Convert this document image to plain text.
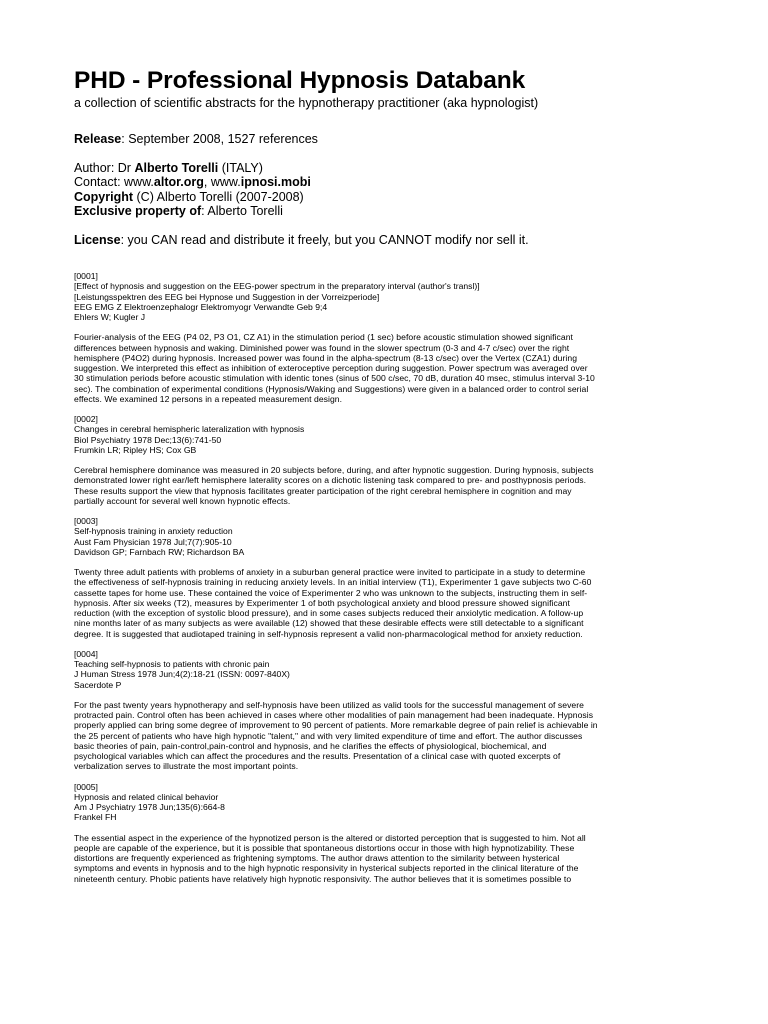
PHD - Professional Hypnosis Databank

a collection of scientific abstracts for the hypnotherapy practitioner (aka hypnologist)

Release: September 2008, 1527 references
Author: Dr Alberto Torelli (ITALY)
Contact: www.altor.org, www.ipnosi.mobi
Copyright (C) Alberto Torelli (2007-2008)
Exclusive property of: Alberto Torelli
License: you CAN read and distribute it freely, but you CANNOT modify nor sell it.
[0001]
[Effect of hypnosis and suggestion on the EEG-power spectrum in the preparatory interval (author's transl)]
[Leistungsspektren des EEG bei Hypnose und Suggestion in der Vorreizperiode]
EEG EMG Z Elektroenzephalogr Elektromyogr Verwandte Geb 9;4
Ehlers W; Kugler J
Fourier-analysis of the EEG (P4 02, P3 O1, CZ A1) in the stimulation period (1 sec) before acoustic stimulation showed significant
differences between hypnosis and waking. Diminished power was found in the slower spectrum (0-3 and 4-7 c/sec) over the right
hemisphere (P4O2) during hypnosis. Increased power was found in the alpha-spectrum (8-13 c/sec) over the Vertex (CZA1) during
suggestion. We interpreted this effect as inhibition of exteroceptive perception during suggestion. Power spectrum was averaged over
30 stimulation periods before acoustic stimulation with identic tones (sinus of 500 c/sec, 70 dB, duration 40 msec, stimulus interval 3-10
sec). The combination of experimental conditions (Hypnosis/Waking and Suggestions) were given in a balanced order to control serial
effects. We examined 12 persons in a repeated measurement design.
[0002]
Changes in cerebral hemispheric lateralization with hypnosis
Biol Psychiatry 1978 Dec;13(6):741-50
Frumkin LR; Ripley HS; Cox GB
Cerebral hemisphere dominance was measured in 20 subjects before, during, and after hypnotic suggestion. During hypnosis, subjects
demonstrated lower right ear/left hemisphere laterality scores on a dichotic listening task compared to pre- and posthypnosis periods.
These results support the view that hypnosis facilitates greater participation of the right cerebral hemisphere in cognition and may
partially account for several well known hypnotic effects.
[0003]
Self-hypnosis training in anxiety reduction
Aust Fam Physician 1978 Jul;7(7):905-10
Davidson GP; Farnbach RW; Richardson BA
Twenty three adult patients with problems of anxiety in a suburban general practice were invited to participate in a study to determine
the effectiveness of self-hypnosis training in reducing anxiety levels. In an initial interview (T1), Experimenter 1 gave subjects two C-60
cassette tapes for home use. These contained the voice of Experimenter 2 who was unknown to the subjects, instructing them in self-
hypnosis. After six weeks (T2), measures by Experimenter 1 of both psychological anxiety and blood pressure showed significant
reduction (with the exception of systolic blood pressure), and in some cases subjects reduced their anxiolytic medication. A follow-up
nine months later of as many subjects as were available (12) showed that these desirable effects were still detectable to a significant
degree. It is suggested that audiotaped training in self-hypnosis represent a valid non-pharmacological method for anxiety reduction.
[0004]
Teaching self-hypnosis to patients with chronic pain
J Human Stress 1978 Jun;4(2):18-21 (ISSN: 0097-840X)
Sacerdote P
For the past twenty years hypnotherapy and self-hypnosis have been utilized as valid tools for the successful management of severe
protracted pain. Control often has been achieved in cases where other modalities of pain management had been inadequate. Hypnosis
properly applied can bring some degree of improvement to 90 percent of patients. More remarkable degree of pain relief is achievable in
the 25 percent of patients who have high hypnotic "talent," and with very limited expenditure of time and effort. The author discusses
basic theories of pain, pain-control,pain-control and hypnosis, and he clarifies the effects of physiological, biochemical, and
psychological variables which can affect the procedures and the results. Presentation of a clinical case with quoted excerpts of
verbalization serves to illustrate the most important points.
[0005]
Hypnosis and related clinical behavior
Am J Psychiatry 1978 Jun;135(6):664-8
Frankel FH
The essential aspect in the experience of the hypnotized person is the altered or distorted perception that is suggested to him. Not all
people are capable of the experience, but it is possible that spontaneous distortions occur in those with high hypnotizability. These
distortions are frequently experienced as frightening symptoms. The author draws attention to the similarity between hysterical
symptoms and events in hypnosis and to the high hypnotic responsivity in hysterical subjects reported in the clinical literature of the
nineteenth century. Phobic patients have relatively high hypnotic responsivity. The author believes that it is sometimes possible to
